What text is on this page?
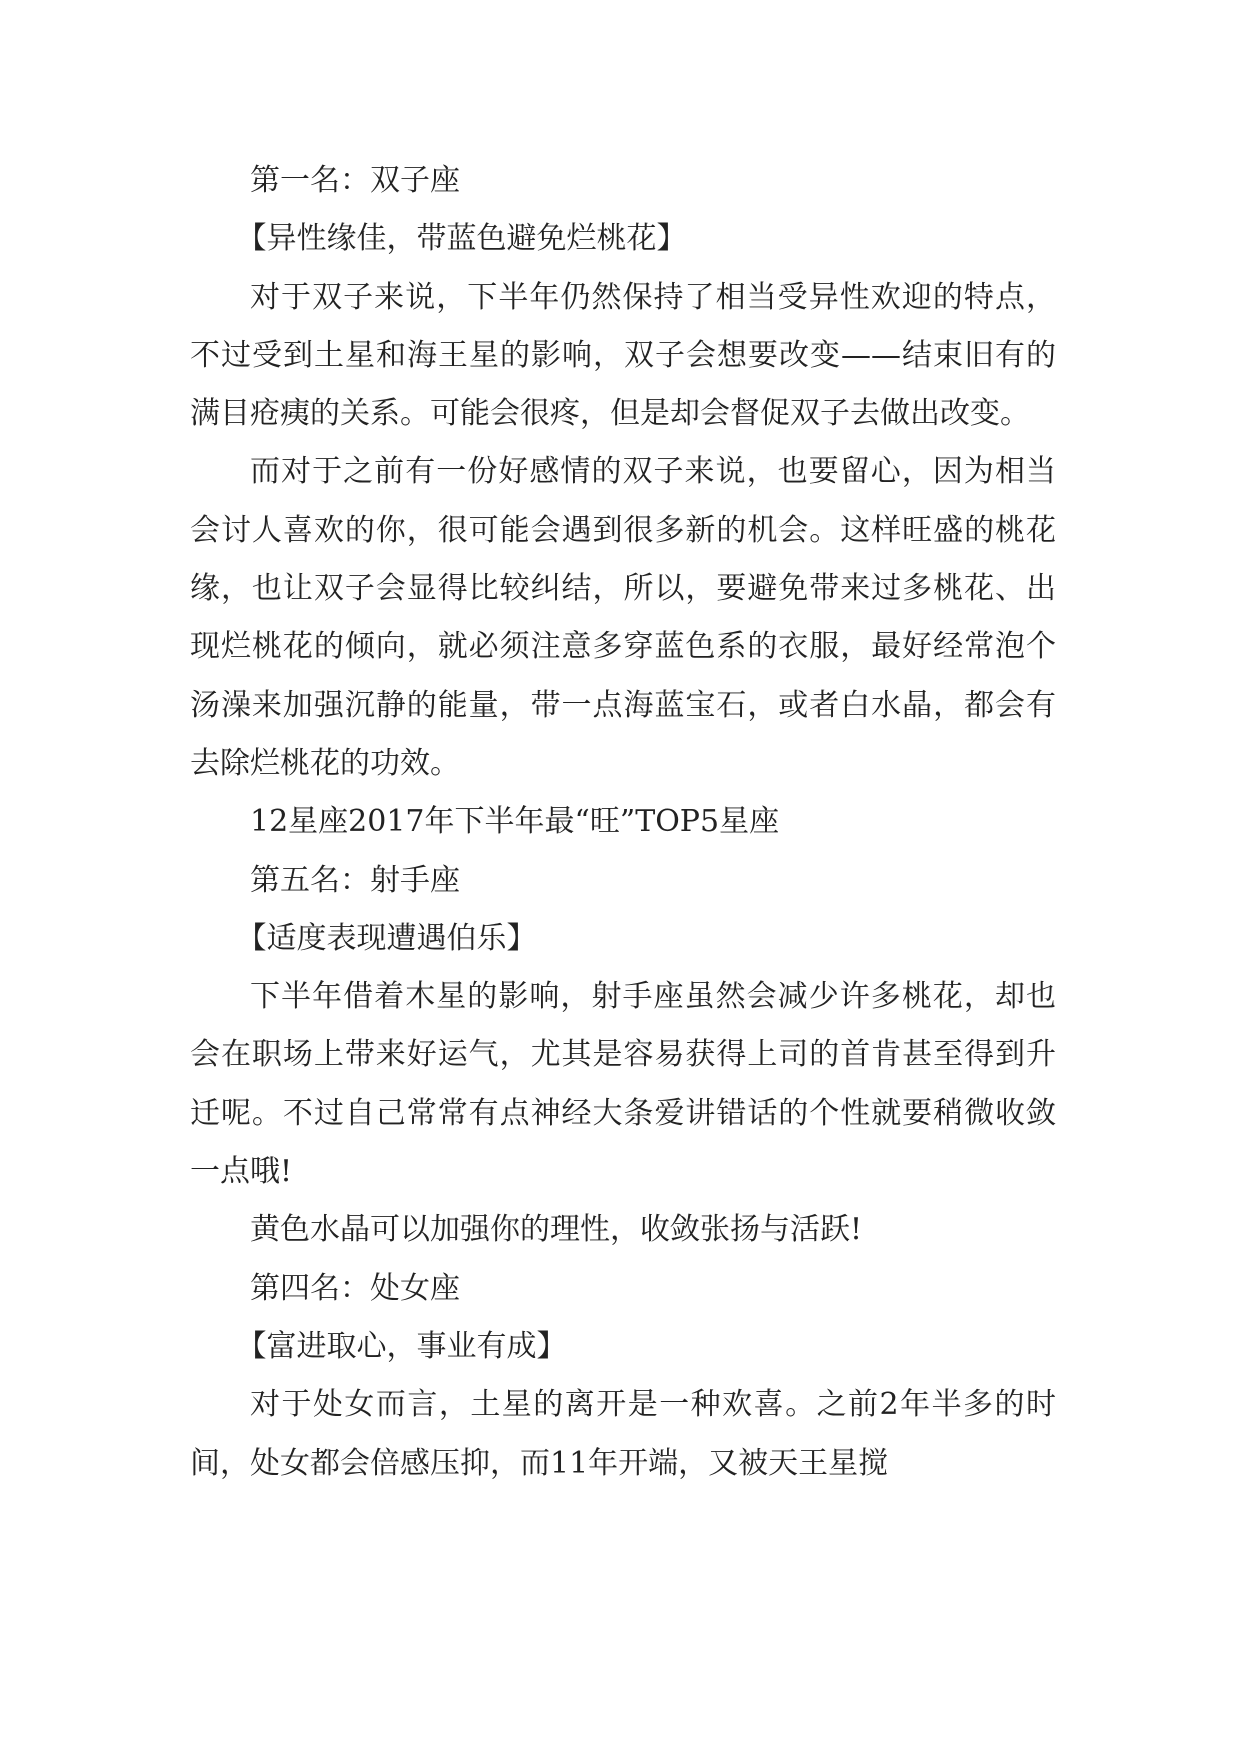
第一名：双子座

【异性缘佳，带蓝色避免烂桃花】

对于双子来说，下半年仍然保持了相当受异性欢迎的特点，不过受到土星和海王星的影响，双子会想要改变——结束旧有的满目疮痍的关系。可能会很疼，但是却会督促双子去做出改变。

而对于之前有一份好感情的双子来说，也要留心，因为相当会讨人喜欢的你，很可能会遇到很多新的机会。这样旺盛的桃花缘，也让双子会显得比较纠结，所以，要避免带来过多桃花、出现烂桃花的倾向，就必须注意多穿蓝色系的衣服，最好经常泡个汤澡来加强沉静的能量，带一点海蓝宝石，或者白水晶，都会有去除烂桃花的功效。

12星座2017年下半年最“旺”TOP5星座

第五名：射手座

【适度表现遭遇伯乐】

下半年借着木星的影响，射手座虽然会减少许多桃花，却也会在职场上带来好运气，尤其是容易获得上司的首肯甚至得到升迁呢。不过自己常常有点神经大条爱讲错话的个性就要稍微收敛一点哦!

黄色水晶可以加强你的理性，收敛张扬与活跃!

第四名：处女座

【富进取心，事业有成】

对于处女而言，土星的离开是一种欢喜。之前2年半多的时间，处女都会倍感压抑，而11年开端，又被天王星搅
